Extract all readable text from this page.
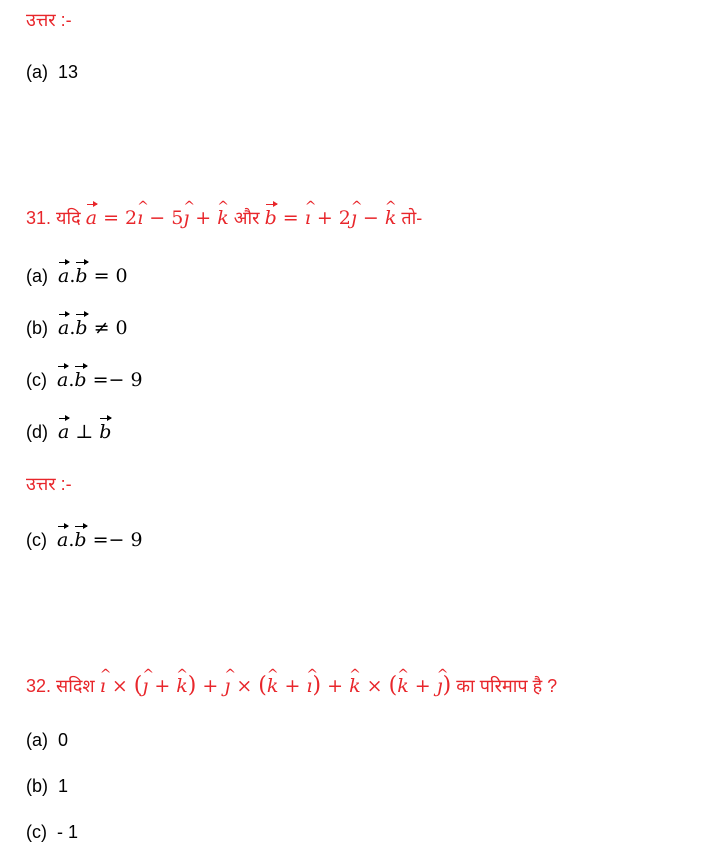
उत्तर :-
(a) 13
31. यदि a = 2ı ^ − 5ȷ ^ + k ^ और b = ı ^ + 2ȷ ^ − k ^ तो-
(a) a.b = 0
(b) a.b ≠ 0
(c) a.b =− 9
(d) a ⊥ b
उत्तर :-
(c) a.b =− 9
32. सदिश ı ^ × (ȷ ^ + k ^) + ȷ ^ × (k ^ + ı ^) + k ^ × (k ^ + ȷ ^) का परिमाप है ?
(a) 0
(b) 1
(c) - 1
